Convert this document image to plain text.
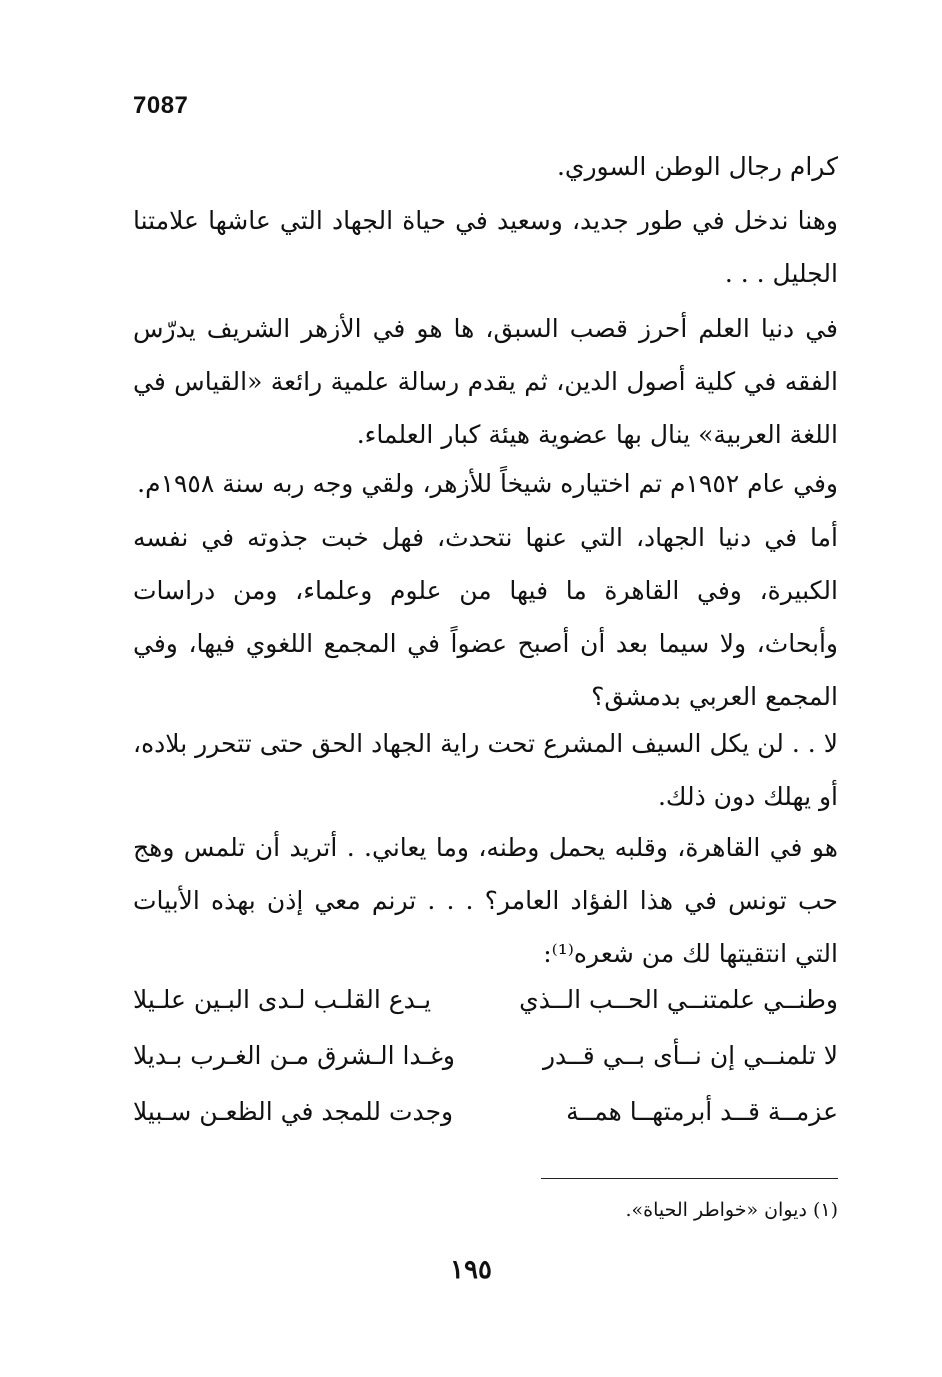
7087

كرام رجال الوطن السوري.

وهنا ندخل في طور جديد، وسعيد في حياة الجهاد التي عاشها علامتنا الجليل . . .

في دنيا العلم أحرز قصب السبق، ها هو في الأزهر الشريف يدرّس الفقه في كلية أصول الدين، ثم يقدم رسالة علمية رائعة «القياس في اللغة العربية» ينال بها عضوية هيئة كبار العلماء.

وفي عام ١٩٥٢م تم اختياره شيخاً للأزهر، ولقي وجه ربه سنة ١٩٥٨م.

أما في دنيا الجهاد، التي عنها نتحدث، فهل خبت جذوته في نفسه الكبيرة، وفي القاهرة ما فيها من علوم وعلماء، ومن دراسات وأبحاث، ولا سيما بعد أن أصبح عضواً في المجمع اللغوي فيها، وفي المجمع العربي بدمشق؟

لا . . لن يكل السيف المشرع تحت راية الجهاد الحق حتى تتحرر بلاده، أو يهلك دون ذلك.

هو في القاهرة، وقلبه يحمل وطنه، وما يعاني. . أتريد أن تلمس وهج حب تونس في هذا الفؤاد العامر؟ . . . ترنم معي إذن بهذه الأبيات التي انتقيتها لك من شعره⁽¹⁾:

وطنــي علمتنــي الحــب الــذي
يـدع القلـب لـدى البـين علـيلا
لا تلمنــي إن نــأى بــي قــدر
وغـدا الـشرق مـن الغـرب بـديلا
عزمــة قــد أبرمتهــا همــة
وجدت للمجد في الظعـن سـبيلا
(١) ديوان «خواطر الحياة».
١٩٥
